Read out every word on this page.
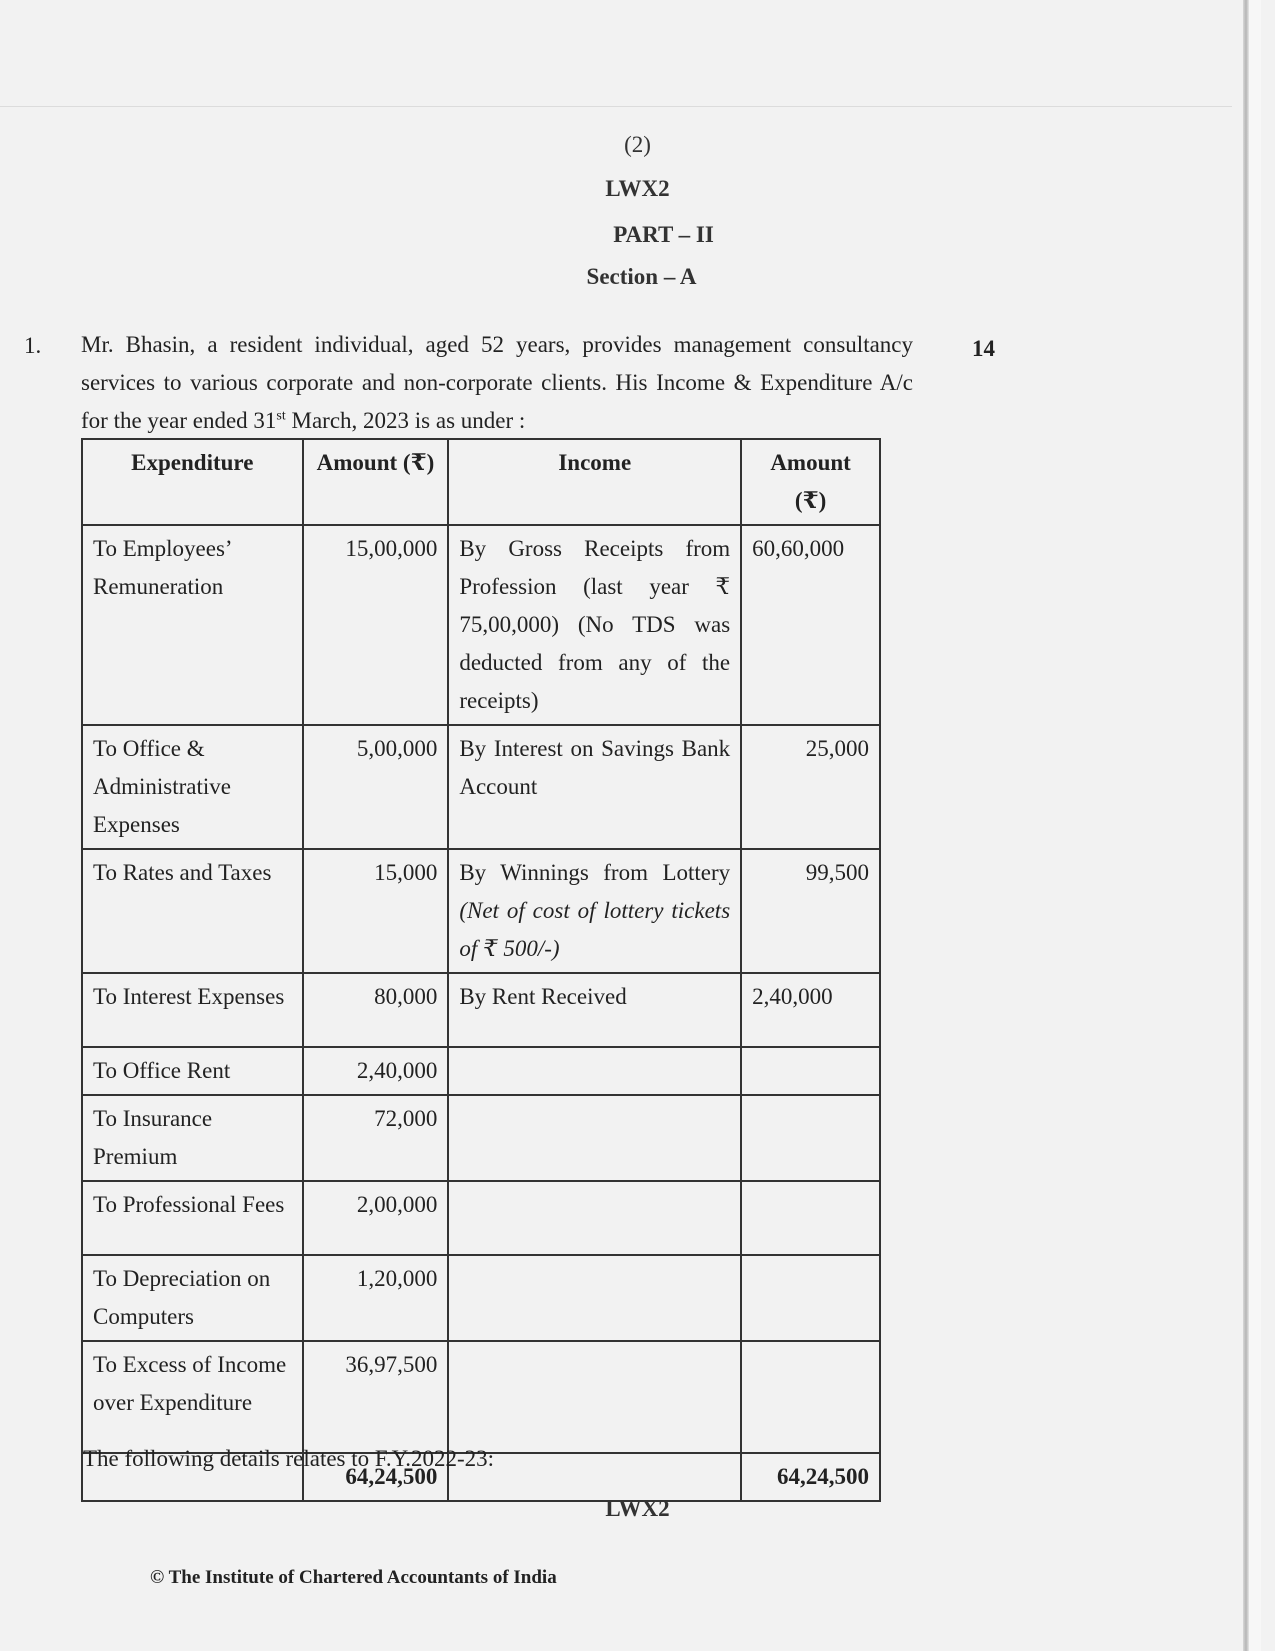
(2)
LWX2
PART – II
Section – A
1.	14
Mr. Bhasin, a resident individual, aged 52 years, provides management consultancy services to various corporate and non-corporate clients. His Income & Expenditure A/c for the year ended 31st March, 2023 is as under :
Expenditure	Amount (₹)	Income	Amount (₹)
To Employees’ Remuneration	15,00,000	By Gross Receipts from Profession (last year ₹ 75,00,000) (No TDS was deducted from any of the receipts)	60,60,000
To Office & Administrative Expenses	5,00,000	By Interest on Savings Bank Account	25,000
To Rates and Taxes	15,000	By Winnings from Lottery (Net of cost of lottery tickets of ₹ 500/-)	99,500
To Interest Expenses	80,000	By Rent Received	2,40,000
To Office Rent	2,40,000		
To Insurance Premium	72,000		
To Professional Fees	2,00,000		
To Depreciation on Computers	1,20,000		
To Excess of Income over Expenditure	36,97,500		
	64,24,500		64,24,500
The following details relates to F.Y.2022-23:
LWX2
© The Institute of Chartered Accountants of India
